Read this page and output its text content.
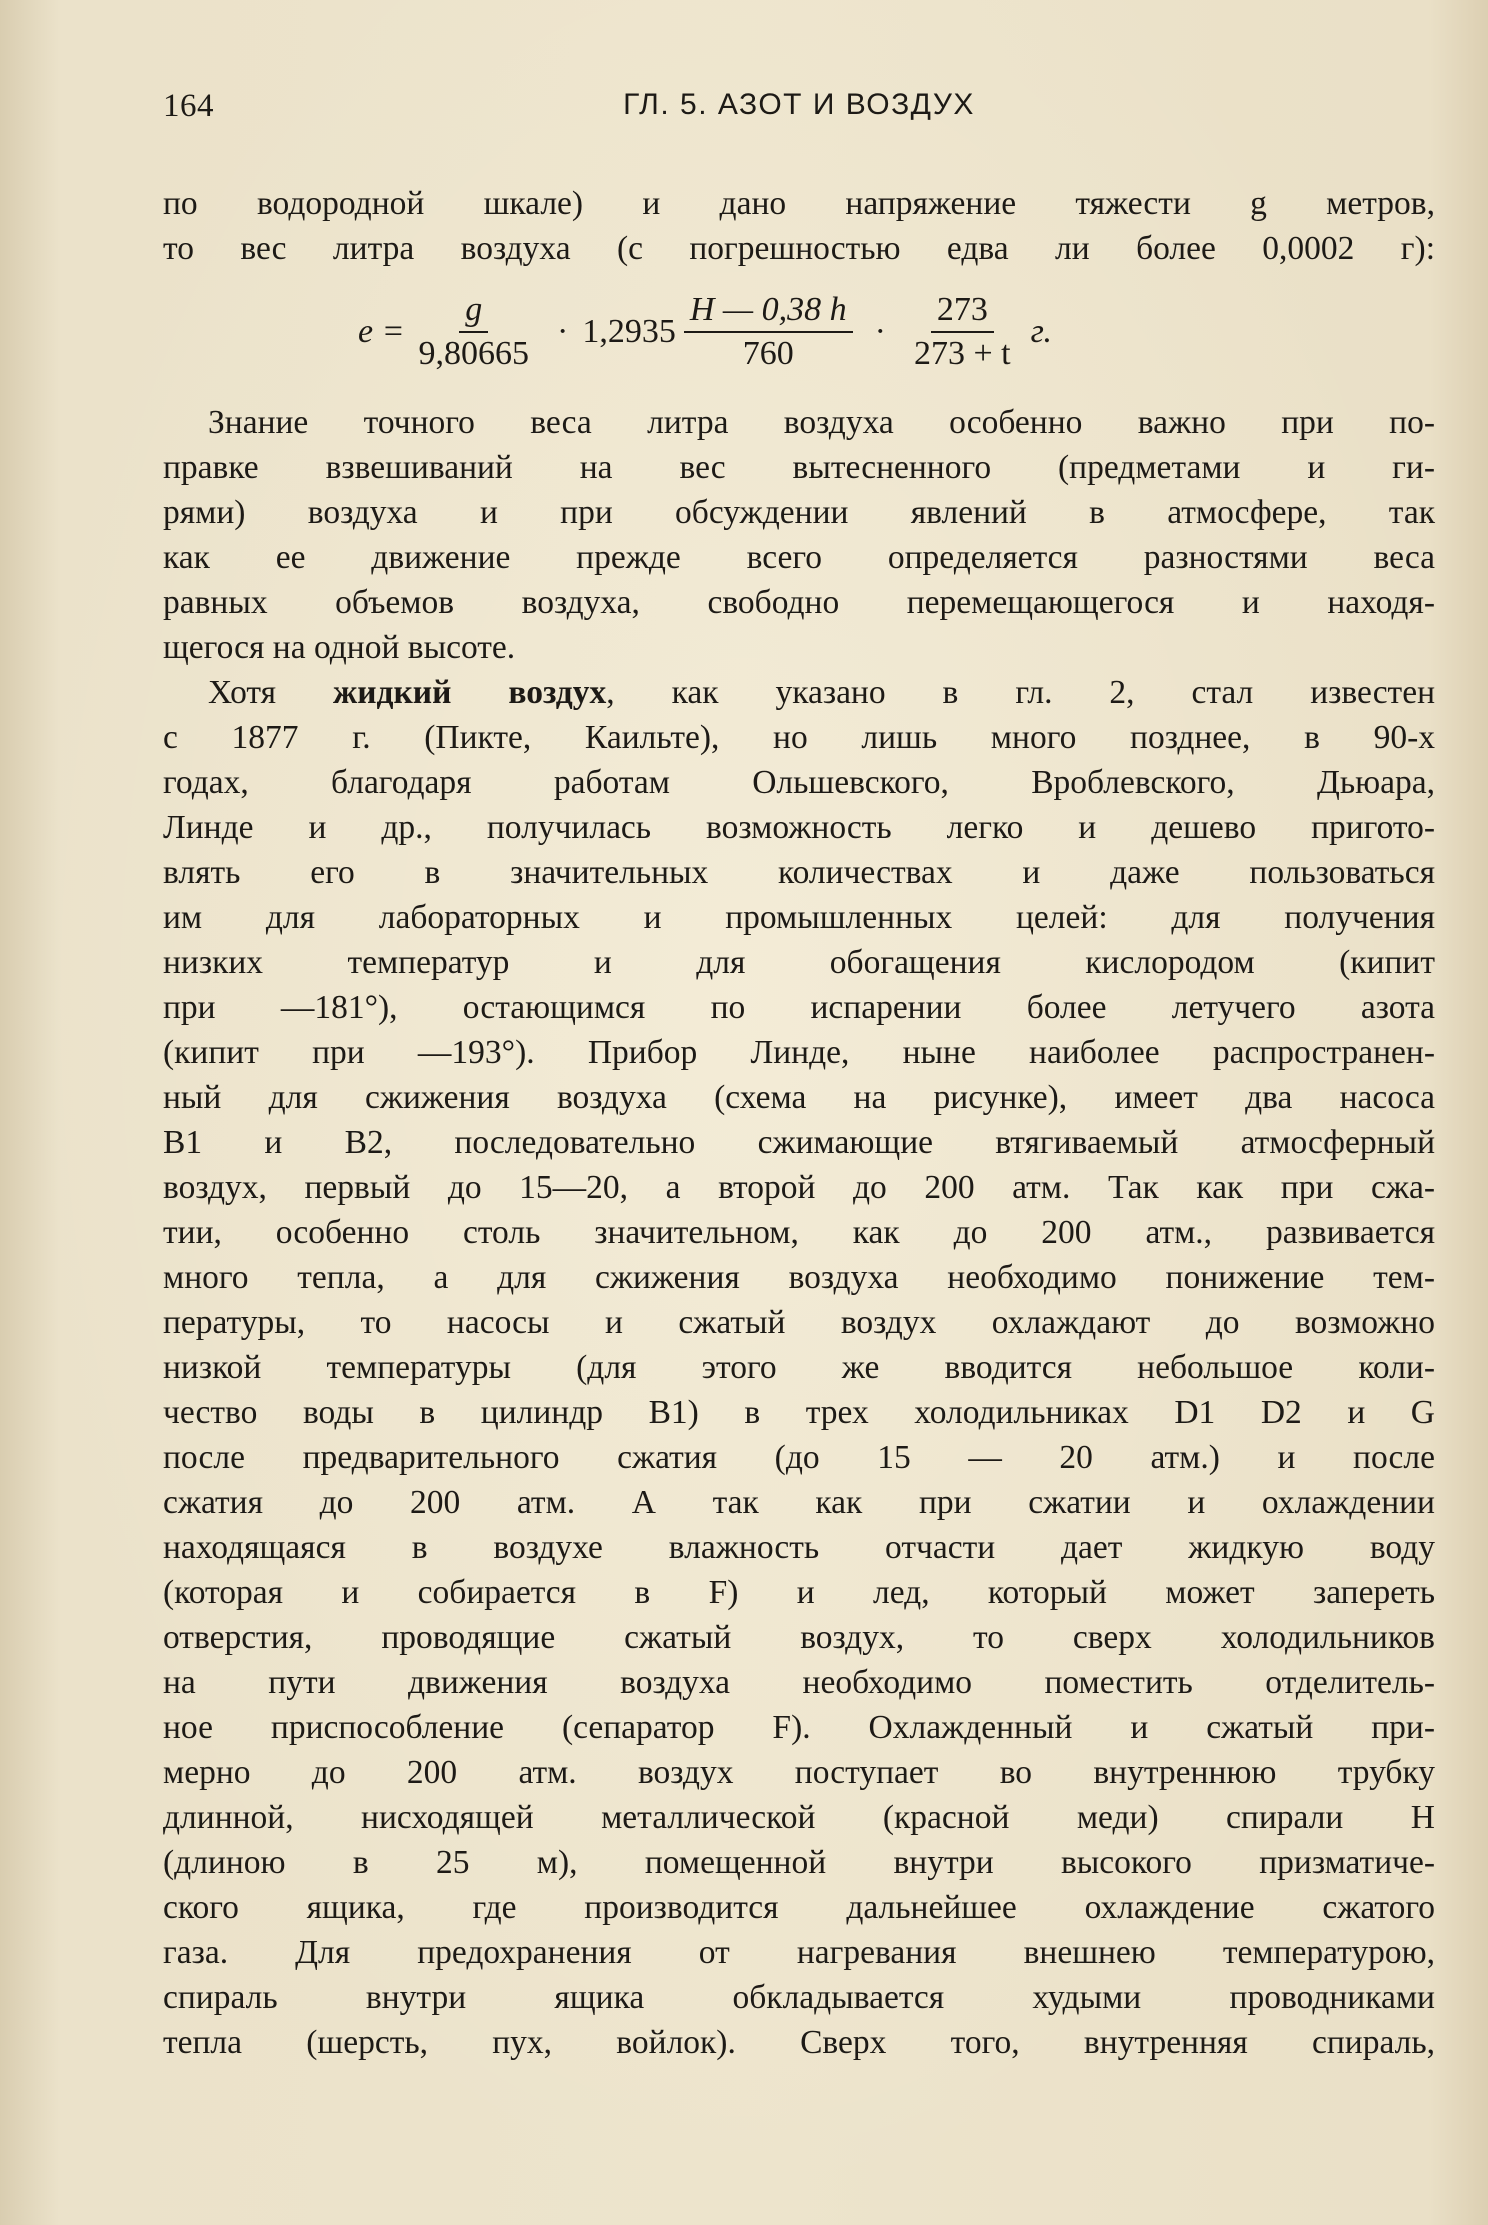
164	ГЛ. 5. АЗОТ И ВОЗДУХ
по водородной шкале) и дано напряжение тяжести g метров,
то вес литра воздуха (с погрешностью едва ли более 0,0002 г):
$e = \frac{g}{9,80665} \cdot 1,2935 \frac{H — 0,38 h}{760} \cdot \frac{273}{273 + t} г$.
Знание точного веса литра воздуха особенно важно при по-
правке взвешиваний на вес вытесненного (предметами и ги-
рями) воздуха и при обсуждении явлений в атмосфере, так
как ее движение прежде всего определяется разностями веса
равных объемов воздуха, свободно перемещающегося и находя-
щегося на одной высоте.
Хотя жидкий воздух, как указано в гл. 2, стал известен
с 1877 г. (Пикте, Каильте), но лишь много позднее, в 90-х
годах, благодаря работам Ольшевского, Вроблевского, Дьюара,
Линде и др., получилась возможность легко и дешево пригото-
влять его в значительных количествах и даже пользоваться
им для лабораторных и промышленных целей: для получения
низких температур и для обогащения кислородом (кипит
при —181°), остающимся по испарении более летучего азота
(кипит при —193°). Прибор Линде, ныне наиболее распространен-
ный для сжижения воздуха (схема на рисунке), имеет два насоса
B1 и B2, последовательно сжимающие втягиваемый атмосферный
воздух, первый до 15—20, а второй до 200 атм. Так как при сжа-
тии, особенно столь значительном, как до 200 атм., развивается
много тепла, а для сжижения воздуха необходимо понижение тем-
пературы, то насосы и сжатый воздух охлаждают до возможно
низкой температуры (для этого же вводится небольшое коли-
чество воды в цилиндр B1) в трех холодильниках D1 D2 и G
после предварительного сжатия (до 15 — 20 атм.) и после
сжатия до 200 атм. А так как при сжатии и охлаждении
находящаяся в воздухе влажность отчасти дает жидкую воду
(которая и собирается в F) и лед, который может запереть
отверстия, проводящие сжатый воздух, то сверх холодильников
на пути движения воздуха необходимо поместить отделитель-
ное приспособление (сепаратор F). Охлажденный и сжатый при-
мерно до 200 атм. воздух поступает во внутреннюю трубку
длинной, нисходящей металлической (красной меди) спирали H
(длиною в 25 м), помещенной внутри высокого призматиче-
ского ящика, где производится дальнейшее охлаждение сжатого
газа. Для предохранения от нагревания внешнею температурою,
спираль внутри ящика обкладывается худыми проводниками
тепла (шерсть, пух, войлок). Сверх того, внутренняя спираль,
